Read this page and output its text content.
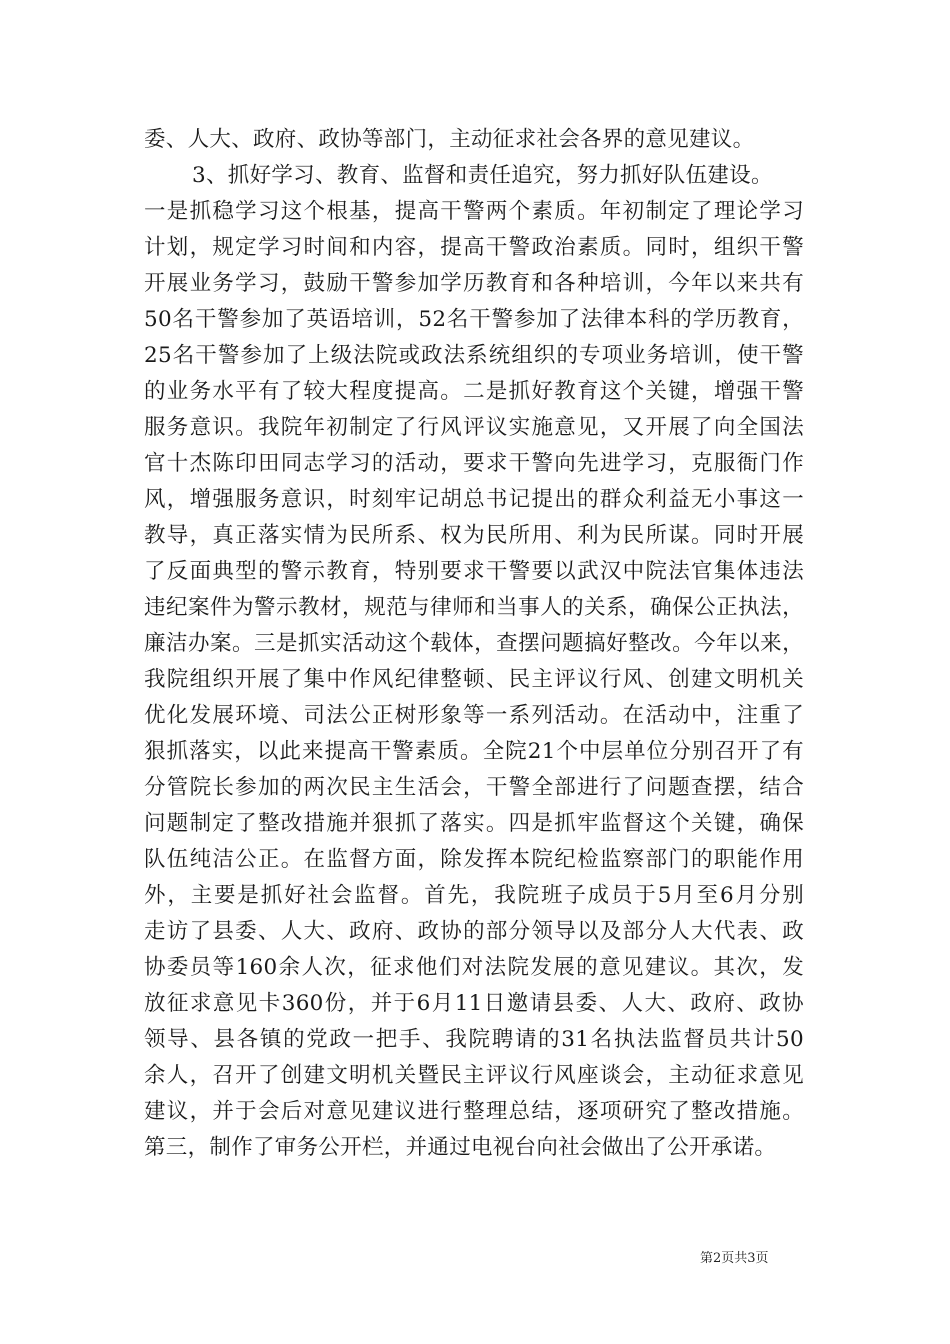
委、人大、政府、政协等部门，主动征求社会各界的意见建议。
3、抓好学习、教育、监督和责任追究，努力抓好队伍建设。
一是抓稳学习这个根基，提高干警两个素质。年初制定了理论学习
计划，规定学习时间和内容，提高干警政治素质。同时，组织干警
开展业务学习，鼓励干警参加学历教育和各种培训，今年以来共有
50名干警参加了英语培训，52名干警参加了法律本科的学历教育，
25名干警参加了上级法院或政法系统组织的专项业务培训，使干警
的业务水平有了较大程度提高。二是抓好教育这个关键，增强干警
服务意识。我院年初制定了行风评议实施意见，又开展了向全国法
官十杰陈印田同志学习的活动，要求干警向先进学习，克服衙门作
风，增强服务意识，时刻牢记胡总书记提出的群众利益无小事这一
教导，真正落实情为民所系、权为民所用、利为民所谋。同时开展
了反面典型的警示教育，特别要求干警要以武汉中院法官集体违法
违纪案件为警示教材，规范与律师和当事人的关系，确保公正执法，
廉洁办案。三是抓实活动这个载体，查摆问题搞好整改。今年以来，
我院组织开展了集中作风纪律整顿、民主评议行风、创建文明机关
优化发展环境、司法公正树形象等一系列活动。在活动中，注重了
狠抓落实，以此来提高干警素质。全院21个中层单位分别召开了有
分管院长参加的两次民主生活会，干警全部进行了问题查摆，结合
问题制定了整改措施并狠抓了落实。四是抓牢监督这个关键，确保
队伍纯洁公正。在监督方面，除发挥本院纪检监察部门的职能作用
外，主要是抓好社会监督。首先，我院班子成员于5月至6月分别
走访了县委、人大、政府、政协的部分领导以及部分人大代表、政
协委员等160余人次，征求他们对法院发展的意见建议。其次，发
放征求意见卡360份，并于6月11日邀请县委、人大、政府、政协
领导、县各镇的党政一把手、我院聘请的31名执法监督员共计50
余人，召开了创建文明机关暨民主评议行风座谈会，主动征求意见
建议，并于会后对意见建议进行整理总结，逐项研究了整改措施。
第三，制作了审务公开栏，并通过电视台向社会做出了公开承诺。
第2页共3页
